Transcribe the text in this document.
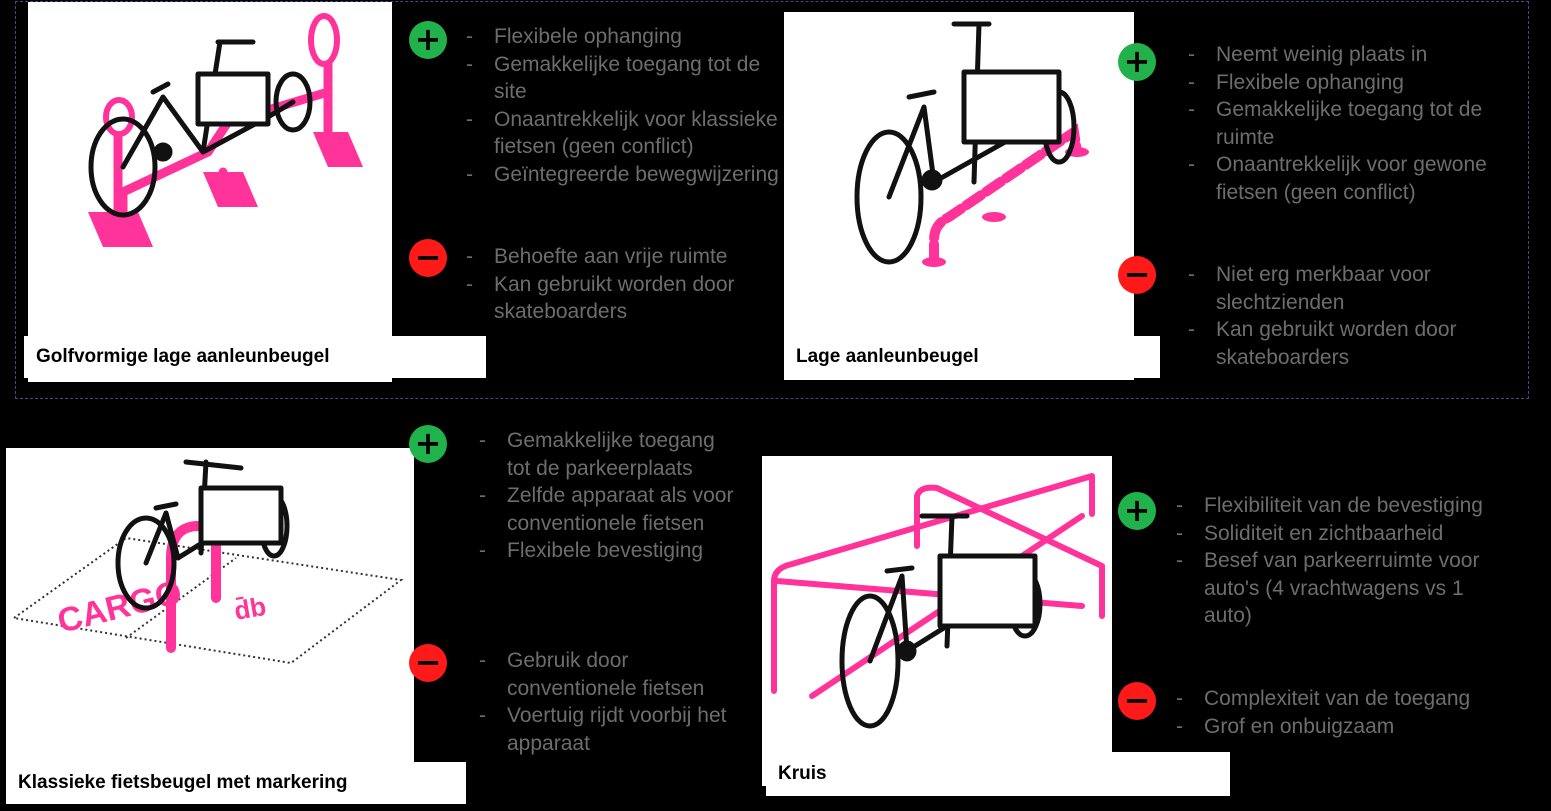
Golfvormige lage aanleunbeugel
+	- Flexibele ophanging
- Gemakkelijke toegang tot de site
- Onaantrekkelijk voor klassieke fietsen (geen conflict)
- Geïntegreerde bewegwijzering
−	- Behoefte aan vrije ruimte
- Kan gebruikt worden door skateboarders
Lage aanleunbeugel
+	- Neemt weinig plaats in
- Flexibele ophanging
- Gemakkelijke toegang tot de ruimte
- Onaantrekkelijk voor gewone fietsen (geen conflict)
−	- Niet erg merkbaar voor slechtzienden
- Kan gebruikt worden door skateboarders
CARGO d̄b
Klassieke fietsbeugel met markering
+	- Gemakkelijke toegang tot de parkeerplaats
- Zelfde apparaat als voor conventionele fietsen
- Flexibele bevestiging
−	- Gebruik door conventionele fietsen
- Voertuig rijdt voorbij het apparaat
Kruis
+	- Flexibiliteit van de bevestiging
- Soliditeit en zichtbaarheid
- Besef van parkeerruimte voor auto's (4 vrachtwagens vs 1 auto)
−	- Complexiteit van de toegang
- Grof en onbuigzaam
